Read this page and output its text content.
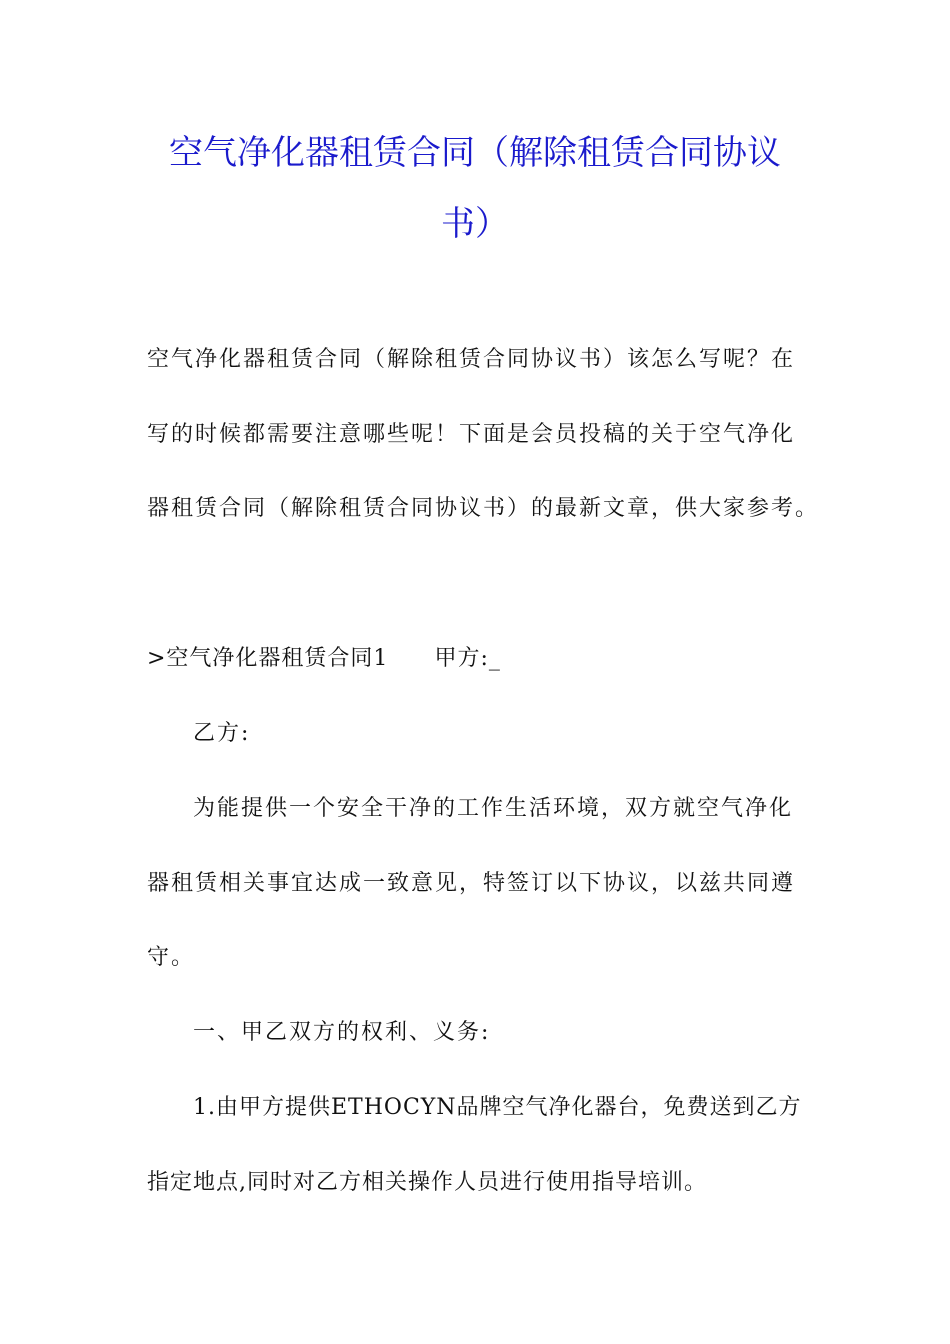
空气净化器租赁合同（解除租赁合同协议
书）
空气净化器租赁合同（解除租赁合同协议书）该怎么写呢？在
写的时候都需要注意哪些呢！下面是会员投稿的关于空气净化
器租赁合同（解除租赁合同协议书）的最新文章，供大家参考。
>空气净化器租赁合同1 甲方:_
乙方:
为能提供一个安全干净的工作生活环境，双方就空气净化
器租赁相关事宜达成一致意见，特签订以下协议，以兹共同遵
守。
一、甲乙双方的权利、义务:
1.由甲方提供ETHOCYN品牌空气净化器台，免费送到乙方
指定地点,同时对乙方相关操作人员进行使用指导培训。
